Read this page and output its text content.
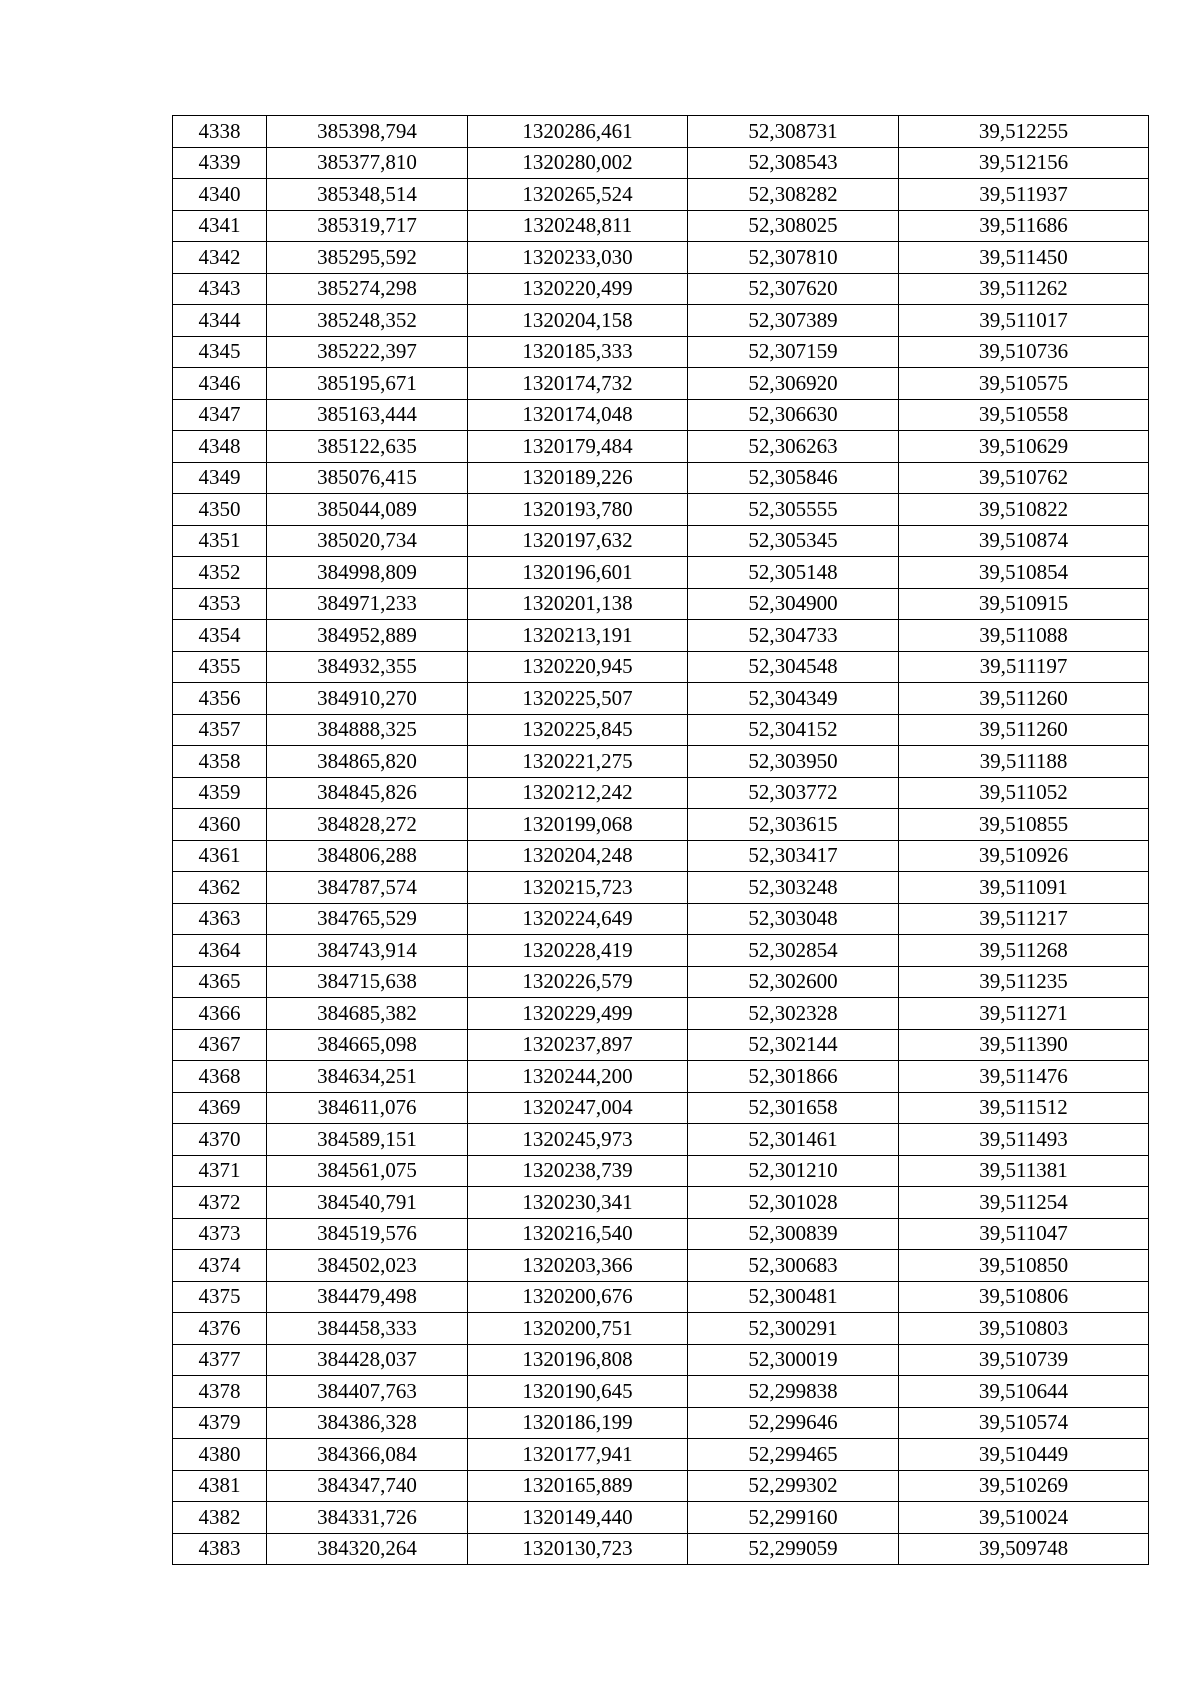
4338	385398,794	1320286,461	52,308731	39,512255
4339	385377,810	1320280,002	52,308543	39,512156
4340	385348,514	1320265,524	52,308282	39,511937
4341	385319,717	1320248,811	52,308025	39,511686
4342	385295,592	1320233,030	52,307810	39,511450
4343	385274,298	1320220,499	52,307620	39,511262
4344	385248,352	1320204,158	52,307389	39,511017
4345	385222,397	1320185,333	52,307159	39,510736
4346	385195,671	1320174,732	52,306920	39,510575
4347	385163,444	1320174,048	52,306630	39,510558
4348	385122,635	1320179,484	52,306263	39,510629
4349	385076,415	1320189,226	52,305846	39,510762
4350	385044,089	1320193,780	52,305555	39,510822
4351	385020,734	1320197,632	52,305345	39,510874
4352	384998,809	1320196,601	52,305148	39,510854
4353	384971,233	1320201,138	52,304900	39,510915
4354	384952,889	1320213,191	52,304733	39,511088
4355	384932,355	1320220,945	52,304548	39,511197
4356	384910,270	1320225,507	52,304349	39,511260
4357	384888,325	1320225,845	52,304152	39,511260
4358	384865,820	1320221,275	52,303950	39,511188
4359	384845,826	1320212,242	52,303772	39,511052
4360	384828,272	1320199,068	52,303615	39,510855
4361	384806,288	1320204,248	52,303417	39,510926
4362	384787,574	1320215,723	52,303248	39,511091
4363	384765,529	1320224,649	52,303048	39,511217
4364	384743,914	1320228,419	52,302854	39,511268
4365	384715,638	1320226,579	52,302600	39,511235
4366	384685,382	1320229,499	52,302328	39,511271
4367	384665,098	1320237,897	52,302144	39,511390
4368	384634,251	1320244,200	52,301866	39,511476
4369	384611,076	1320247,004	52,301658	39,511512
4370	384589,151	1320245,973	52,301461	39,511493
4371	384561,075	1320238,739	52,301210	39,511381
4372	384540,791	1320230,341	52,301028	39,511254
4373	384519,576	1320216,540	52,300839	39,511047
4374	384502,023	1320203,366	52,300683	39,510850
4375	384479,498	1320200,676	52,300481	39,510806
4376	384458,333	1320200,751	52,300291	39,510803
4377	384428,037	1320196,808	52,300019	39,510739
4378	384407,763	1320190,645	52,299838	39,510644
4379	384386,328	1320186,199	52,299646	39,510574
4380	384366,084	1320177,941	52,299465	39,510449
4381	384347,740	1320165,889	52,299302	39,510269
4382	384331,726	1320149,440	52,299160	39,510024
4383	384320,264	1320130,723	52,299059	39,509748
